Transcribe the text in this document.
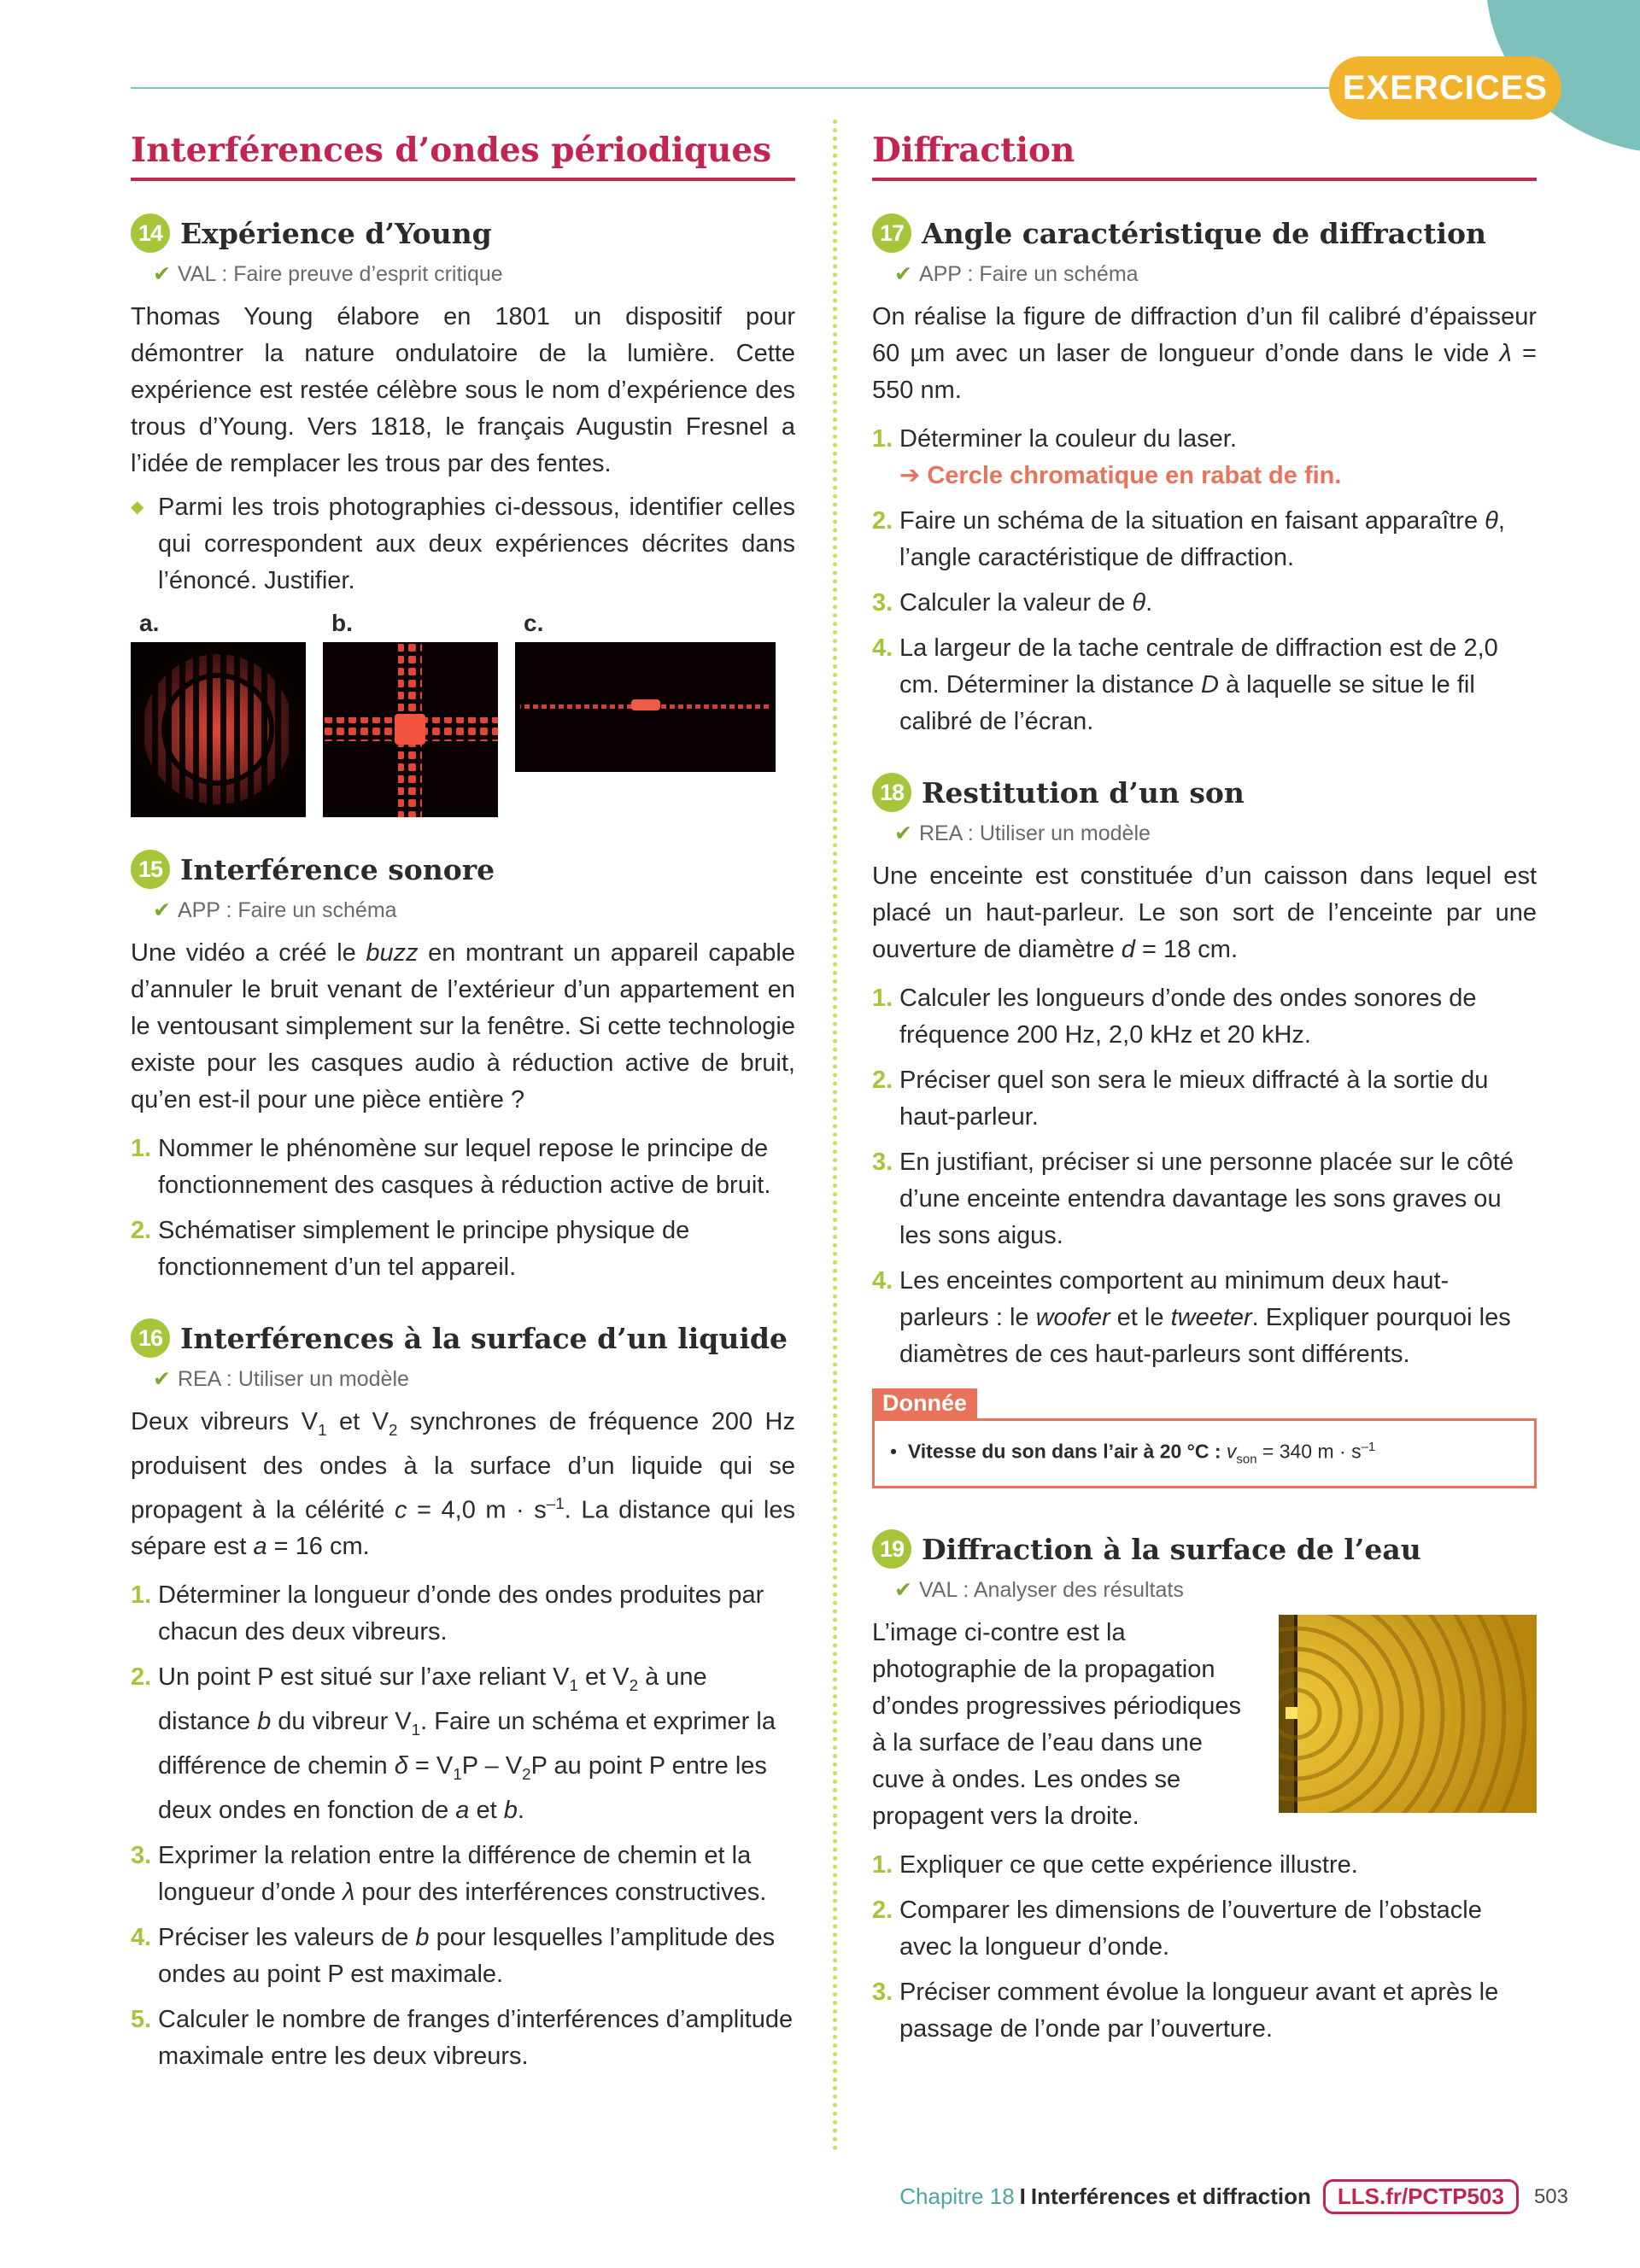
EXERCICES
Interférences d’ondes périodiques
14 Expérience d’Young
✔ VAL : Faire preuve d’esprit critique

Thomas Young élabore en 1801 un dispositif pour démontrer la nature ondulatoire de la lumière. Cette expérience est restée célèbre sous le nom d’expérience des trous d’Young. Vers 1818, le français Augustin Fresnel a l’idée de remplacer les trous par des fentes.

◆ Parmi les trois photographies ci-dessous, identifier celles qui correspondent aux deux expériences décrites dans l’énoncé. Justifier.
a.	b.	c.
15 Interférence sonore
✔ APP : Faire un schéma

Une vidéo a créé le buzz en montrant un appareil capable d’annuler le bruit venant de l’extérieur d’un appartement en le ventousant simplement sur la fenêtre. Si cette technologie existe pour les casques audio à réduction active de bruit, qu’en est-il pour une pièce entière ?

1. Nommer le phénomène sur lequel repose le principe de fonctionnement des casques à réduction active de bruit.
2. Schématiser simplement le principe physique de fonctionnement d’un tel appareil.
16 Interférences à la surface d’un liquide
✔ REA : Utiliser un modèle

Deux vibreurs $V_1$ et $V_2$ synchrones de fréquence 200 Hz produisent des ondes à la surface d’un liquide qui se propagent à la célérité c = 4,0 $m \cdot s^{-1}$. La distance qui les sépare est a = 16 cm.

1. Déterminer la longueur d’onde des ondes produites par chacun des deux vibreurs.
2. Un point P est situé sur l’axe reliant $V_1$ et $V_2$ à une distance b du vibreur $V_1$. Faire un schéma et exprimer la différence de chemin $\delta = V_1P - V_2P$ au point P entre les deux ondes en fonction de a et b.
3. Exprimer la relation entre la différence de chemin et la longueur d’onde λ pour des interférences constructives.
4. Préciser les valeurs de b pour lesquelles l’amplitude des ondes au point P est maximale.
5. Calculer le nombre de franges d’interférences d’amplitude maximale entre les deux vibreurs.
Diffraction
17 Angle caractéristique de diffraction
✔ APP : Faire un schéma

On réalise la figure de diffraction d’un fil calibré d’épaisseur 60 µm avec un laser de longueur d’onde dans le vide λ = 550 nm.

1. Déterminer la couleur du laser.
➔ Cercle chromatique en rabat de fin.
2. Faire un schéma de la situation en faisant apparaître θ, l’angle caractéristique de diffraction.
3. Calculer la valeur de θ.
4. La largeur de la tache centrale de diffraction est de 2,0 cm. Déterminer la distance D à laquelle se situe le fil calibré de l’écran.
18 Restitution d’un son
✔ REA : Utiliser un modèle

Une enceinte est constituée d’un caisson dans lequel est placé un haut-parleur. Le son sort de l’enceinte par une ouverture de diamètre d = 18 cm.

1. Calculer les longueurs d’onde des ondes sonores de fréquence 200 Hz, 2,0 kHz et 20 kHz.
2. Préciser quel son sera le mieux diffracté à la sortie du haut-parleur.
3. En justifiant, préciser si une personne placée sur le côté d’une enceinte entendra davantage les sons graves ou les sons aigus.
4. Les enceintes comportent au minimum deux haut-parleurs : le woofer et le tweeter. Expliquer pourquoi les diamètres de ces haut-parleurs sont différents.
Donnée
• Vitesse du son dans l’air à 20 °C : $v_{son} = 340$ $m \cdot s^{-1}$
19 Diffraction à la surface de l’eau
✔ VAL : Analyser des résultats

L’image ci-contre est la photographie de la propagation d’ondes progressives périodiques à la surface de l’eau dans une cuve à ondes. Les ondes se propagent vers la droite.

1. Expliquer ce que cette expérience illustre.
2. Comparer les dimensions de l’ouverture de l’obstacle avec la longueur d’onde.
3. Préciser comment évolue la longueur avant et après le passage de l’onde par l’ouverture.
Chapitre 18 I Interférences et diffraction	LLS.fr/PCTP503	503
